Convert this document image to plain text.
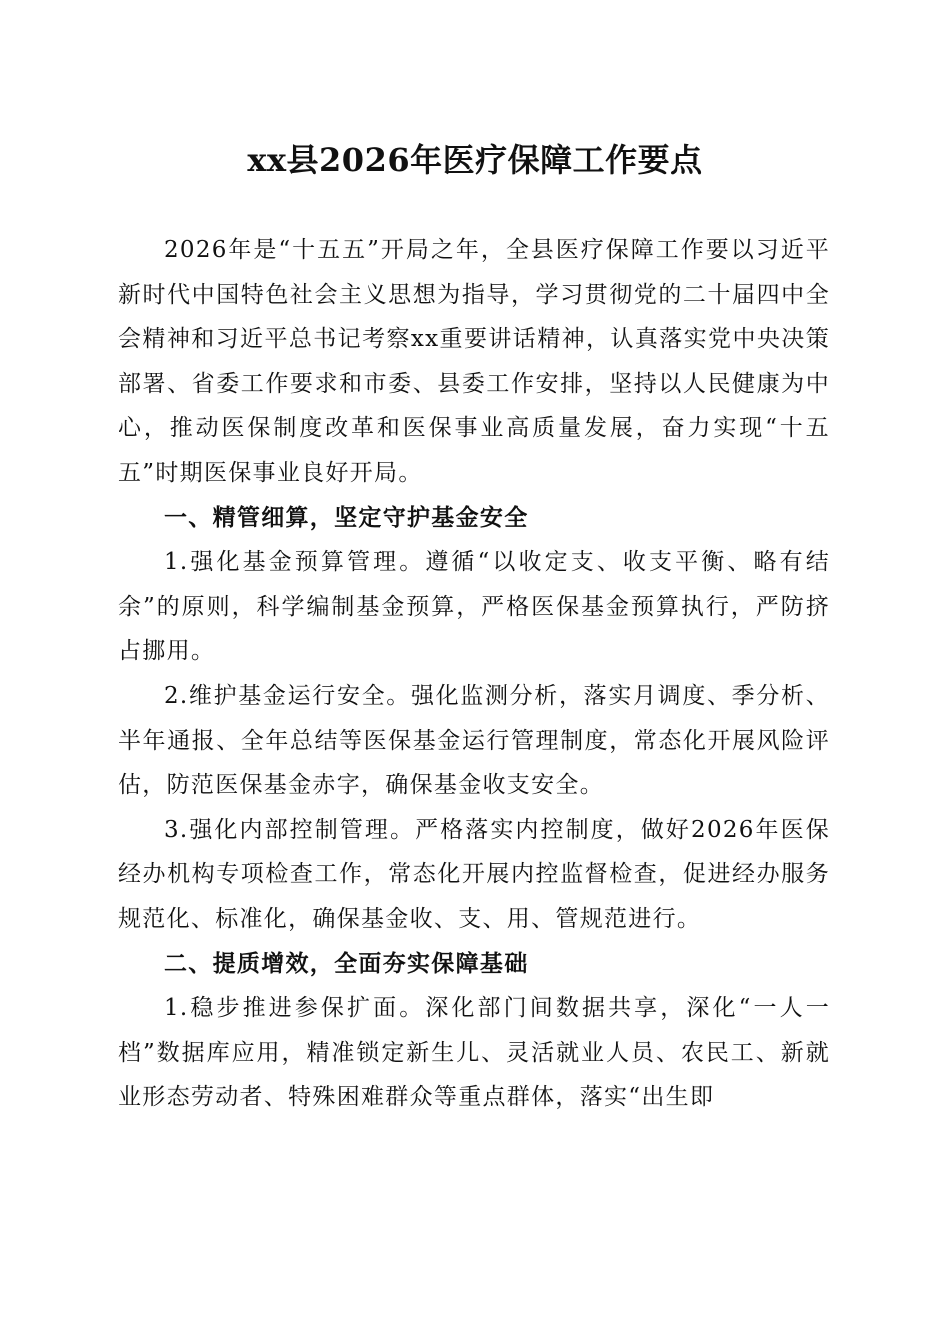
xx县2026年医疗保障工作要点

2026年是“十五五”开局之年，全县医疗保障工作要以习近平新时代中国特色社会主义思想为指导，学习贯彻党的二十届四中全会精神和习近平总书记考察xx重要讲话精神，认真落实党中央决策部署、省委工作要求和市委、县委工作安排，坚持以人民健康为中心，推动医保制度改革和医保事业高质量发展，奋力实现“十五五”时期医保事业良好开局。

一、精管细算，坚定守护基金安全

1.强化基金预算管理。遵循“以收定支、收支平衡、略有结余”的原则，科学编制基金预算，严格医保基金预算执行，严防挤占挪用。

2.维护基金运行安全。强化监测分析，落实月调度、季分析、半年通报、全年总结等医保基金运行管理制度，常态化开展风险评估，防范医保基金赤字，确保基金收支安全。

3.强化内部控制管理。严格落实内控制度，做好2026年医保经办机构专项检查工作，常态化开展内控监督检查，促进经办服务规范化、标准化，确保基金收、支、用、管规范进行。

二、提质增效，全面夯实保障基础

1.稳步推进参保扩面。深化部门间数据共享，深化“一人一档”数据库应用，精准锁定新生儿、灵活就业人员、农民工、新就业形态劳动者、特殊困难群众等重点群体，落实“出生即
